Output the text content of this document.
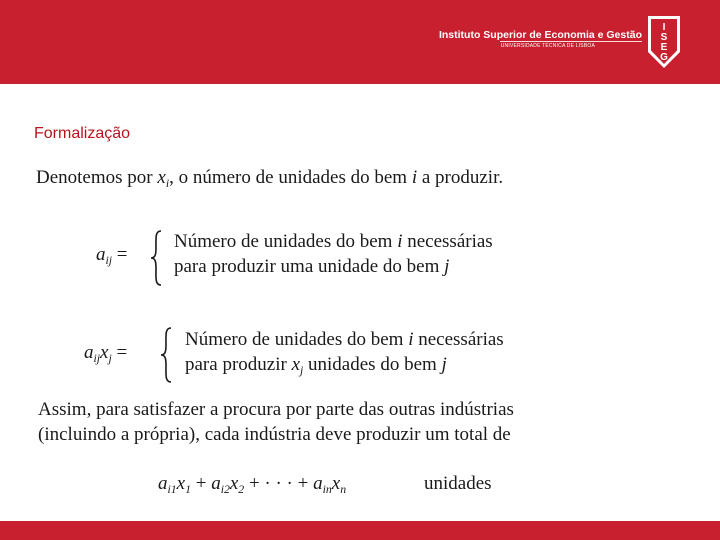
Instituto Superior de Economia e Gestão
UNIVERSIDADE TÉCNICA DE LISBOA
I
S
E
G
Formalização
Denotemos por $x_i$, o número de unidades do bem i a produzir.
$a_{ij}$ =
Número de unidades do bem i necessárias
para produzir uma unidade do bem j
$a_{ij}x_j$ =
Número de unidades do bem i necessárias
para produzir $x_j$ unidades do bem j
Assim, para satisfazer a procura por parte das outras indústrias
(incluindo a própria), cada indústria deve produzir um total de
$a_{i1}x_1 + a_{i2}x_2$ + · · · + $a_{in}x_n$	unidades
